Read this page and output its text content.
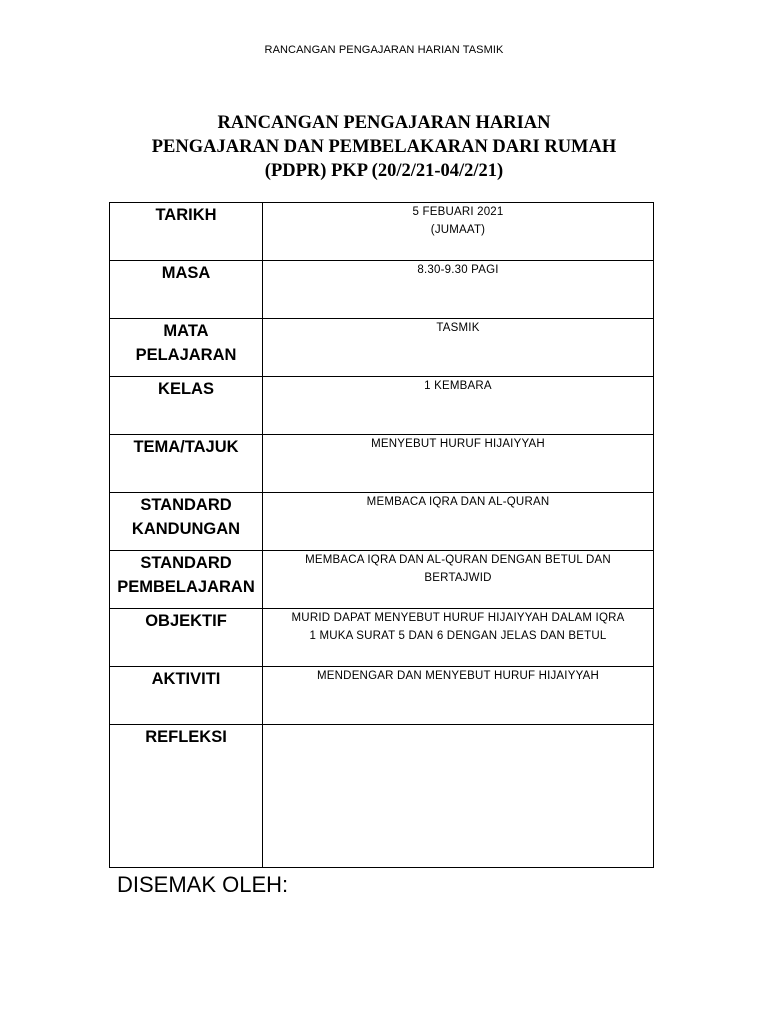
RANCANGAN PENGAJARAN HARIAN TASMIK
RANCANGAN PENGAJARAN HARIAN
PENGAJARAN DAN PEMBELAKARAN DARI RUMAH
(PDPR) PKP (20/2/21-04/2/21)
TARIKH	5 FEBUARI 2021
(JUMAAT)

MASA	8.30-9.30 PAGI

MATA
PELAJARAN	TASMIK

KELAS	1 KEMBARA

TEMA/TAJUK	MENYEBUT HURUF HIJAIYYAH

STANDARD
KANDUNGAN	MEMBACA IQRA DAN AL-QURAN

STANDARD
PEMBELAJARAN	MEMBACA IQRA DAN AL-QURAN DENGAN BETUL DAN
BERTAJWID

OBJEKTIF	MURID DAPAT MENYEBUT HURUF HIJAIYYAH DALAM IQRA
1 MUKA SURAT 5 DAN 6 DENGAN JELAS DAN BETUL

AKTIVITI	MENDENGAR DAN MENYEBUT HURUF HIJAIYYAH

REFLEKSI	

DISEMAK OLEH:
